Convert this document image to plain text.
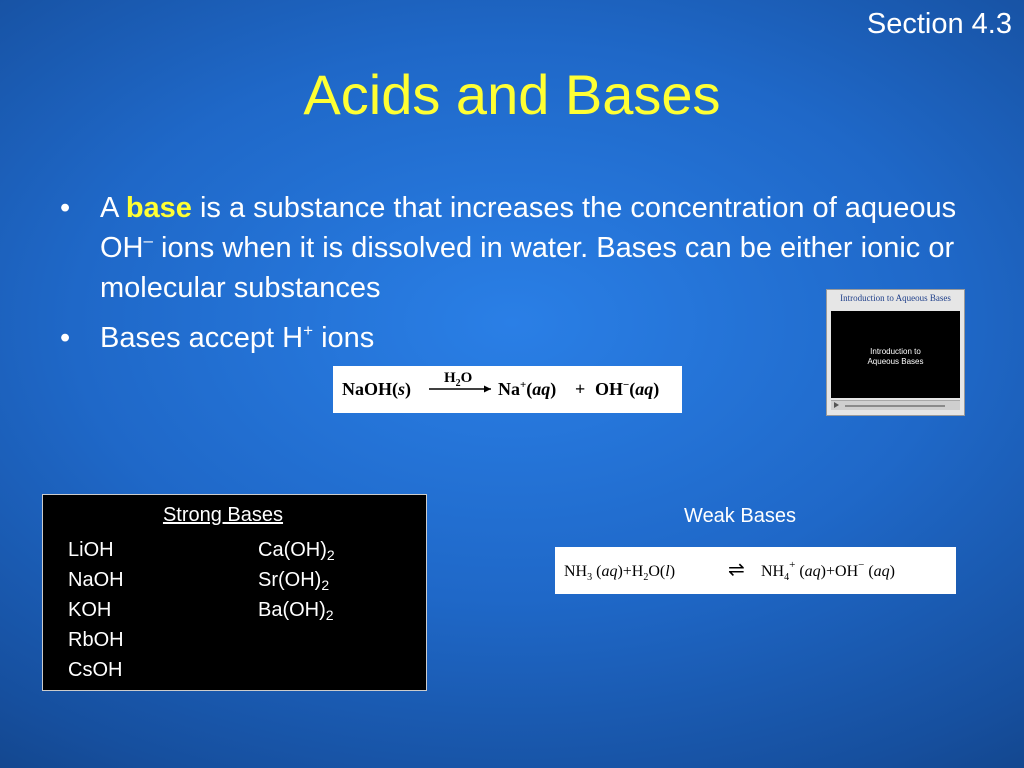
Section 4.3
Acids and Bases
• A base is a substance that increases the concentration of aqueous OH– ions when it is dissolved in water. Bases can be either ionic or molecular substances
• Bases accept H+ ions
NaOH(s)
$H_2O$
Na+(aq) + OH−(aq)
Introduction to Aqueous Bases
Introduction to
Aqueous Bases
Strong Bases
LiOH
NaOH
KOH
RbOH
CsOH
$Ca(OH)_2$
$Sr(OH)_2$
$Ba(OH)_2$
Weak Bases
$NH_3$ $(aq)+H_2O(l)$	⇌ $NH_4^+$ (aq)+OH− (aq)
